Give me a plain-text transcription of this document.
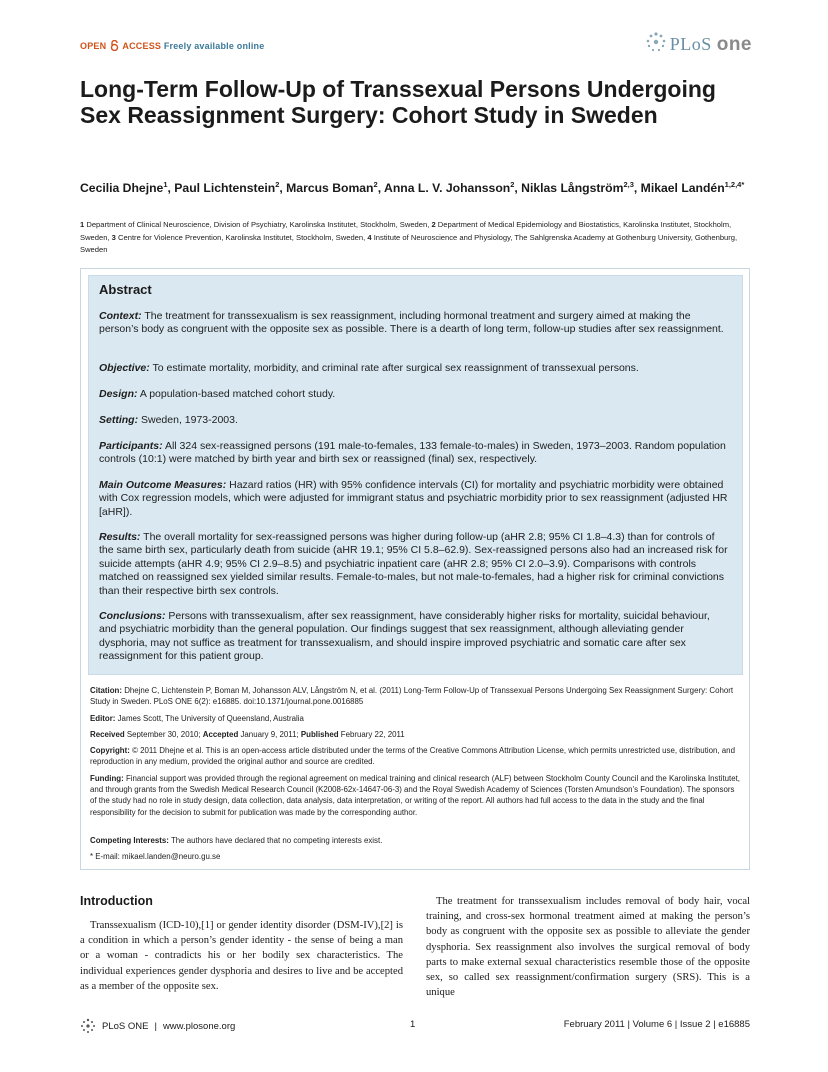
OPEN ACCESS Freely available online	PLoS one
Long-Term Follow-Up of Transsexual Persons Undergoing Sex Reassignment Surgery: Cohort Study in Sweden
Cecilia Dhejne$^1$, Paul Lichtenstein$^2$, Marcus Boman$^2$, Anna L. V. Johansson$^2$, Niklas Långström$^{2,3}$, Mikael Landén$^{1,2,4*}$
1 Department of Clinical Neuroscience, Division of Psychiatry, Karolinska Institutet, Stockholm, Sweden, 2 Department of Medical Epidemiology and Biostatistics, Karolinska Institutet, Stockholm, Sweden, 3 Centre for Violence Prevention, Karolinska Institutet, Stockholm, Sweden, 4 Institute of Neuroscience and Physiology, The Sahlgrenska Academy at Gothenburg University, Gothenburg, Sweden
Abstract

Context: The treatment for transsexualism is sex reassignment, including hormonal treatment and surgery aimed at making the person’s body as congruent with the opposite sex as possible. There is a dearth of long term, follow-up studies after sex reassignment.

Objective: To estimate mortality, morbidity, and criminal rate after surgical sex reassignment of transsexual persons.

Design: A population-based matched cohort study.

Setting: Sweden, 1973-2003.

Participants: All 324 sex-reassigned persons (191 male-to-females, 133 female-to-males) in Sweden, 1973–2003. Random population controls (10:1) were matched by birth year and birth sex or reassigned (final) sex, respectively.

Main Outcome Measures: Hazard ratios (HR) with 95% confidence intervals (CI) for mortality and psychiatric morbidity were obtained with Cox regression models, which were adjusted for immigrant status and psychiatric morbidity prior to sex reassignment (adjusted HR [aHR]).

Results: The overall mortality for sex-reassigned persons was higher during follow-up (aHR 2.8; 95% CI 1.8–4.3) than for controls of the same birth sex, particularly death from suicide (aHR 19.1; 95% CI 5.8–62.9). Sex-reassigned persons also had an increased risk for suicide attempts (aHR 4.9; 95% CI 2.9–8.5) and psychiatric inpatient care (aHR 2.8; 95% CI 2.0–3.9). Comparisons with controls matched on reassigned sex yielded similar results. Female-to-males, but not male-to-females, had a higher risk for criminal convictions than their respective birth sex controls.

Conclusions: Persons with transsexualism, after sex reassignment, have considerably higher risks for mortality, suicidal behaviour, and psychiatric morbidity than the general population. Our findings suggest that sex reassignment, although alleviating gender dysphoria, may not suffice as treatment for transsexualism, and should inspire improved psychiatric and somatic care after sex reassignment for this patient group.

Citation: Dhejne C, Lichtenstein P, Boman M, Johansson ALV, Långström N, et al. (2011) Long-Term Follow-Up of Transsexual Persons Undergoing Sex Reassignment Surgery: Cohort Study in Sweden. PLoS ONE 6(2): e16885. doi:10.1371/journal.pone.0016885

Editor: James Scott, The University of Queensland, Australia

Received September 30, 2010; Accepted January 9, 2011; Published February 22, 2011

Copyright: © 2011 Dhejne et al. This is an open-access article distributed under the terms of the Creative Commons Attribution License, which permits unrestricted use, distribution, and reproduction in any medium, provided the original author and source are credited.

Funding: Financial support was provided through the regional agreement on medical training and clinical research (ALF) between Stockholm County Council and the Karolinska Institutet, and through grants from the Swedish Medical Research Council (K2008-62x-14647-06-3) and the Royal Swedish Academy of Sciences (Torsten Amundson’s Foundation). The sponsors of the study had no role in study design, data collection, data analysis, data interpretation, or writing of the report. All authors had full access to the data in the study and the final responsibility for the decision to submit for publication was made by the corresponding author.

Competing Interests: The authors have declared that no competing interests exist.

* E-mail: mikael.landen@neuro.gu.se

Introduction

Transsexualism (ICD-10),[1] or gender identity disorder (DSM-IV),[2] is a condition in which a person’s gender identity - the sense of being a man or a woman - contradicts his or her bodily sex characteristics. The individual experiences gender dysphoria and desires to live and be accepted as a member of the opposite sex.

The treatment for transsexualism includes removal of body hair, vocal training, and cross-sex hormonal treatment aimed at making the person’s body as congruent with the opposite sex as possible to alleviate the gender dysphoria. Sex reassignment also involves the surgical removal of body parts to make external sexual characteristics resemble those of the opposite sex, so called sex reassignment/confirmation surgery (SRS). This is a unique

PLoS ONE | www.plosone.org	1	February 2011 | Volume 6 | Issue 2 | e16885
